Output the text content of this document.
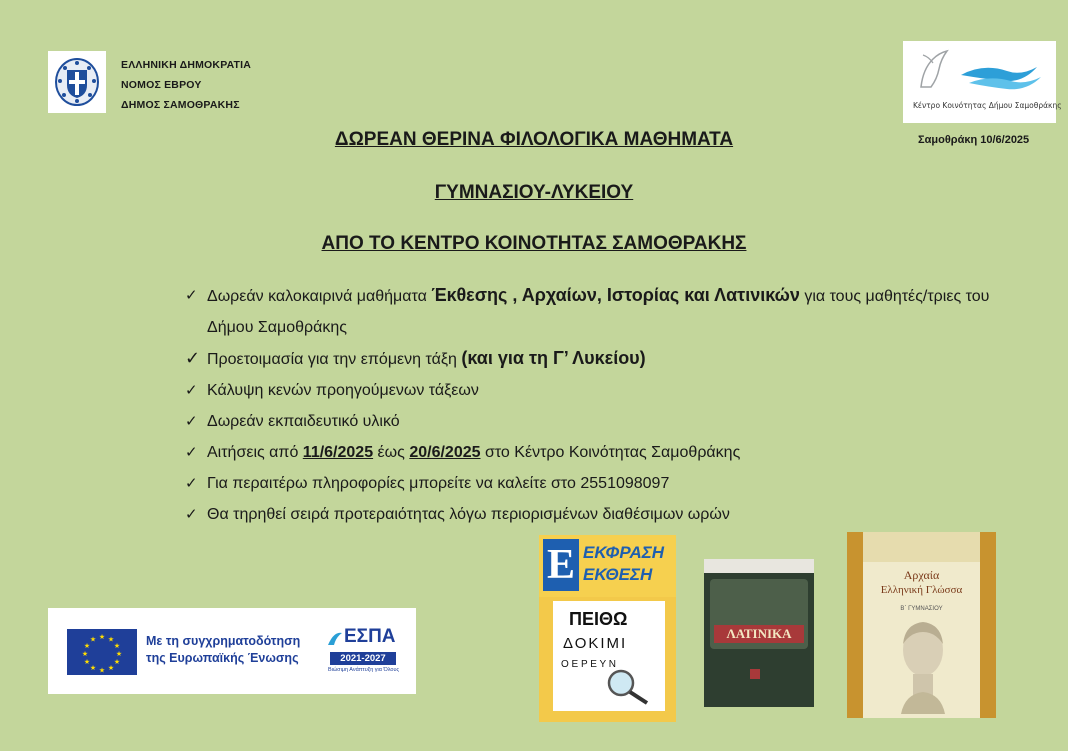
ΕΛΛΗΝΙΚΗ ΔΗΜΟΚΡΑΤΙΑ
ΝΟΜΟΣ ΕΒΡΟΥ
ΔΗΜΟΣ ΣΑΜΟΘΡΑΚΗΣ	Κέντρο Κοινότητας Δήμου Σαμοθράκης
Σαμοθράκη 10/6/2025
ΔΩΡΕΑΝ ΘΕΡΙΝΑ ΦΙΛΟΛΟΓΙΚΑ ΜΑΘΗΜΑΤΑ
ΓΥΜΝΑΣΙΟΥ-ΛΥΚΕΙΟΥ
ΑΠΟ ΤΟ ΚΕΝΤΡΟ ΚΟΙΝΟΤΗΤΑΣ ΣΑΜΟΘΡΑΚΗΣ
✓ Δωρεάν καλοκαιρινά μαθήματα Έκθεσης , Αρχαίων, Ιστορίας και Λατινικών για τους μαθητές/τριες του Δήμου Σαμοθράκης
✓ Προετοιμασία για την επόμενη τάξη (και για τη Γ’ Λυκείου)
✓ Κάλυψη κενών προηγούμενων τάξεων
✓ Δωρεάν εκπαιδευτικό υλικό
✓ Αιτήσεις από 11/6/2025 έως 20/6/2025 στο Κέντρο Κοινότητας Σαμοθράκης
✓ Για περαιτέρω πληροφορίες μπορείτε να καλείτε στο 2551098097
✓ Θα τηρηθεί σειρά προτεραιότητας λόγω περιορισμένων διαθέσιμων ωρών
★ ★
★
★
★
★
★
★
★
★
★
★	Με τη συγχρηματοδότηση
της Ευρωπαϊκής Ένωσης
ΕΣΠΑ
2021-2027
Βιώσιμη Ανάπτυξη για Όλους
E ΕΚΦΡΑΣΗ
ΕΚΘΕΣΗ
ΠΕΙΘΩ
ΔΟΚΙΜΙ
Ο Ε Ρ Ε Υ Ν
ΛΑΤΙΝΙΚΑ
Αρχαία
Ελληνική Γλώσσα
Β΄ ΓΥΜΝΑΣΙΟΥ
